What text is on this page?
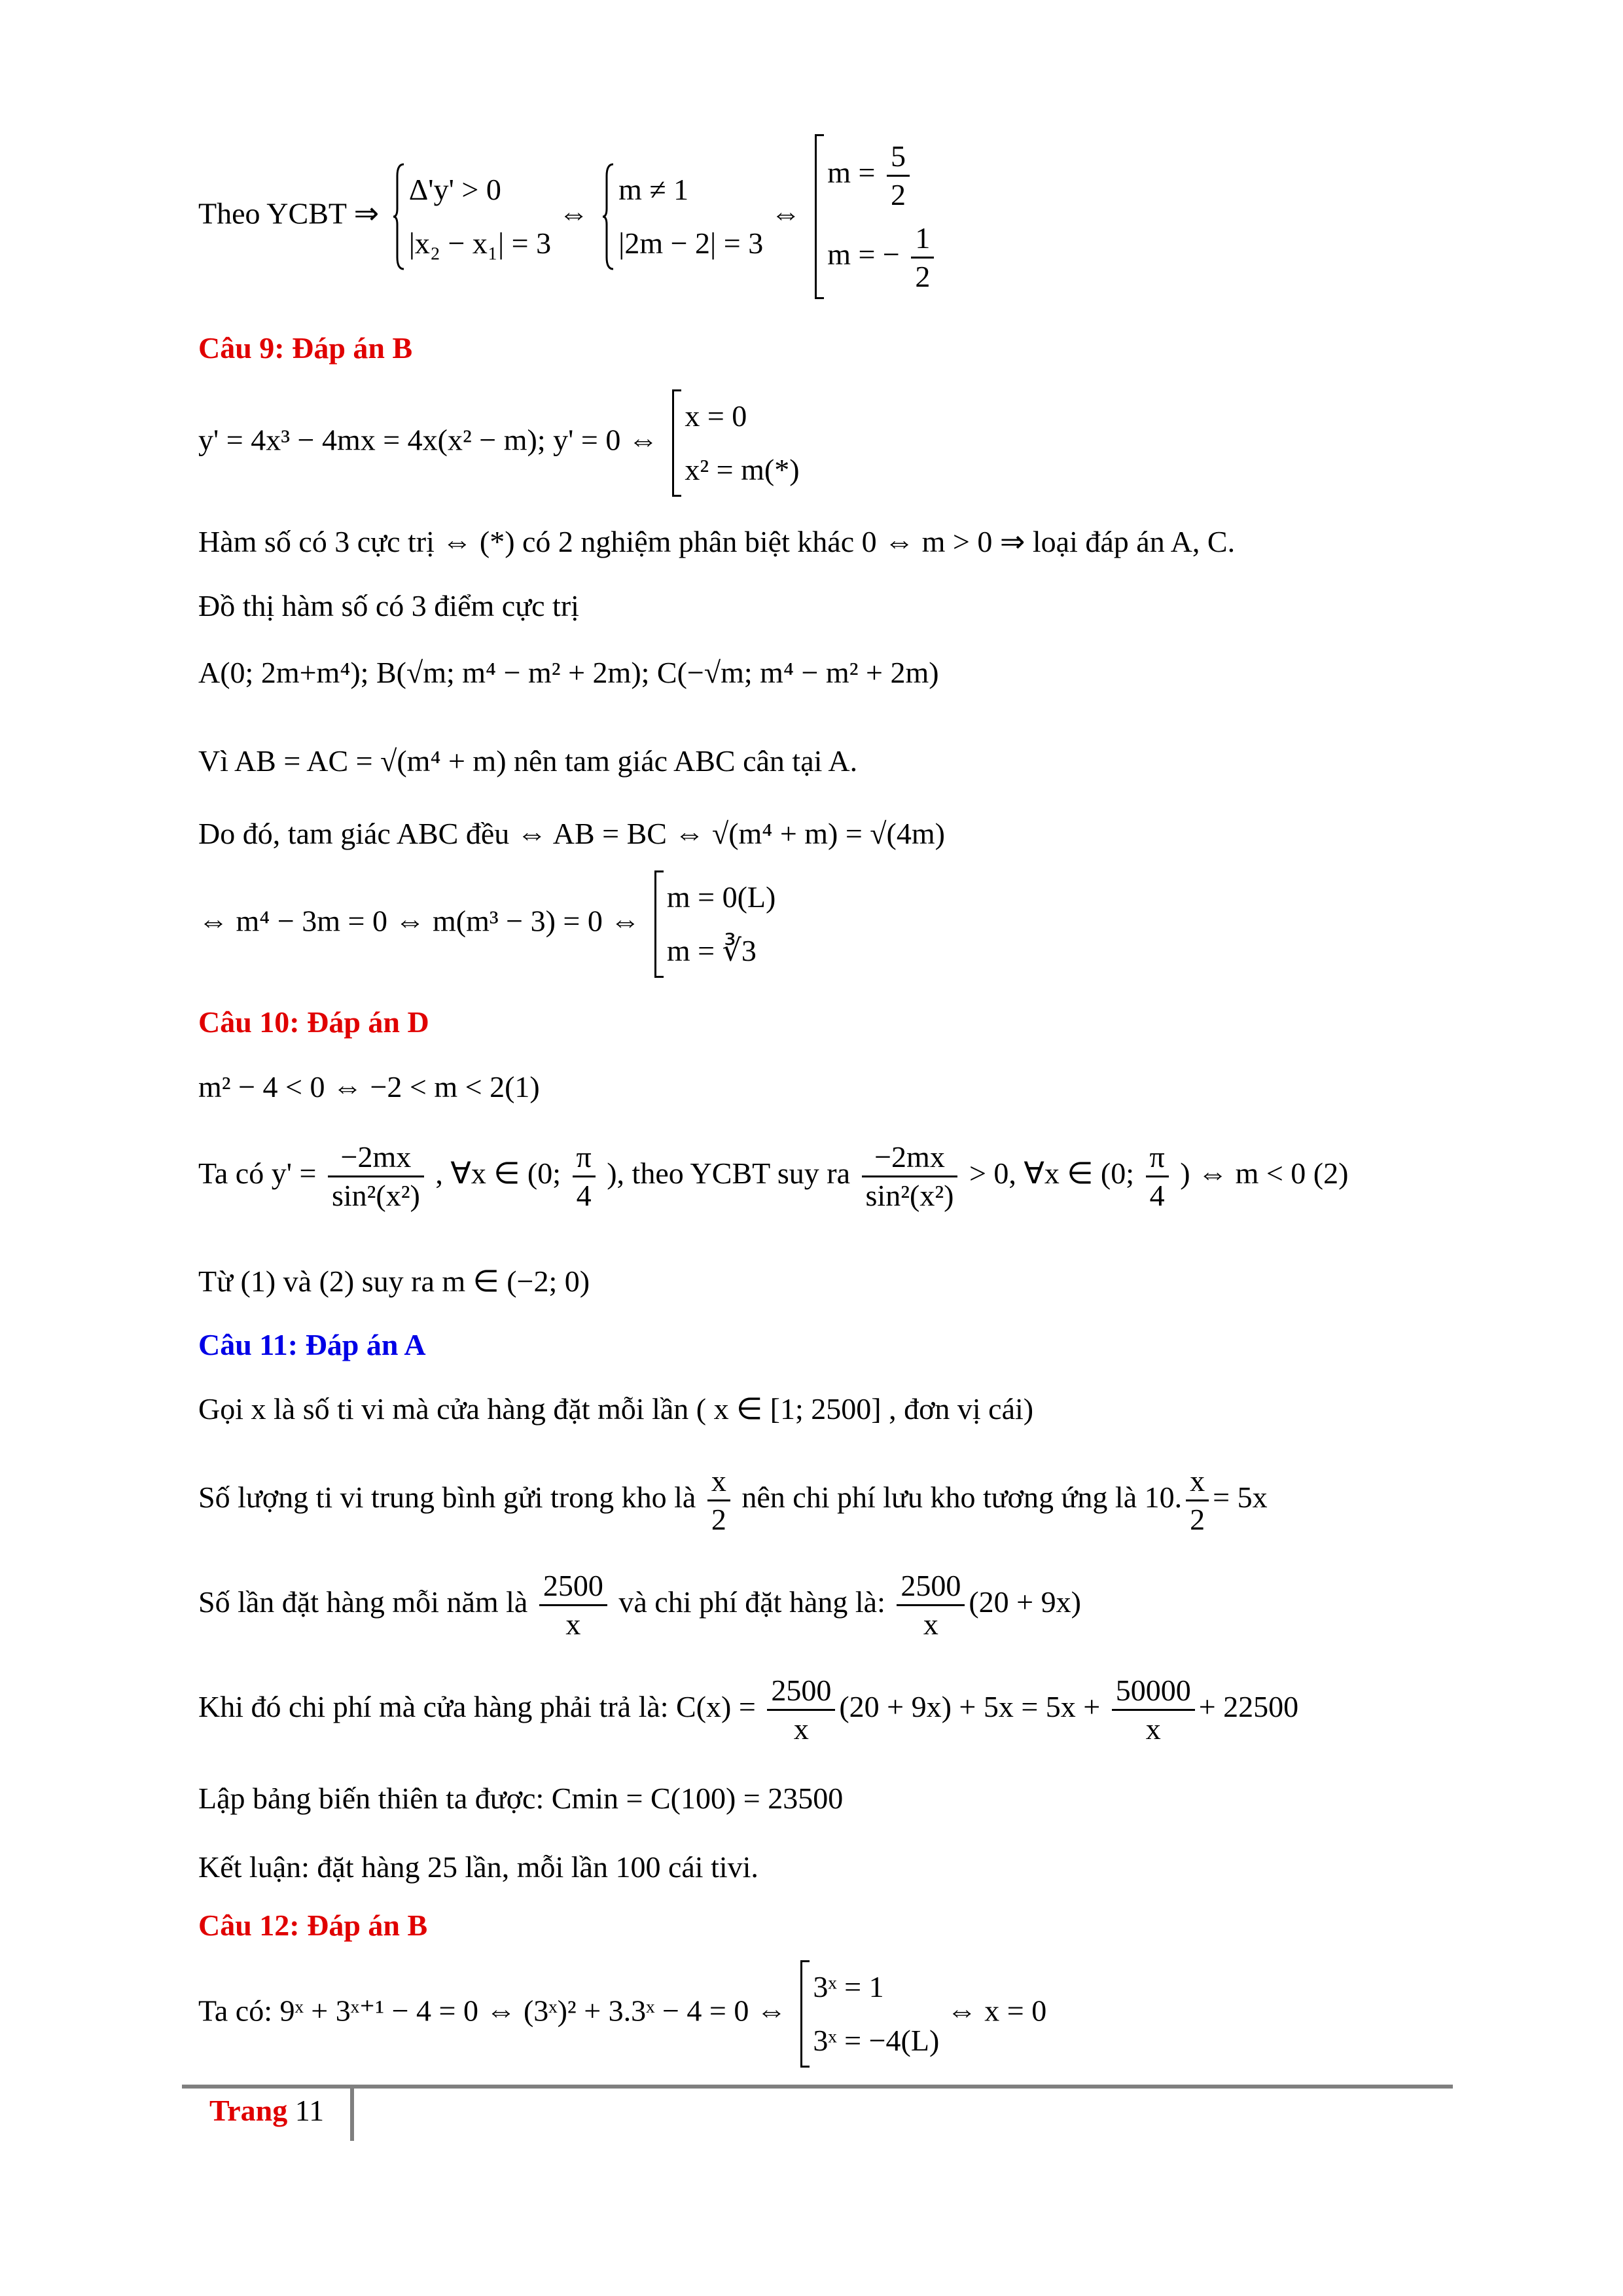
Theo YCBT ⇒
Δ'y' > 0
|x₂ − x₁| = 3
⇔
m ≠ 1
|2m − 2| = 3
⇔
$m = \frac{5}{2}$
m = − $\frac{1}{2}$
Câu 9: Đáp án B
y' = 4x³ − 4mx = 4x(x² − m); y' = 0 ⇔
x = 0
x² = m(*)
Hàm số có 3 cực trị ⇔ (*) có 2 nghiệm phân biệt khác 0 ⇔ m > 0 ⇒ loại đáp án A, C.
Đồ thị hàm số có 3 điểm cực trị
A(0; 2m+m⁴); B(√m; m⁴ − m² + 2m); C(−√m; m⁴ − m² + 2m)
Vì AB = AC = √(m⁴ + m) nên tam giác ABC cân tại A.
Do đó, tam giác ABC đều ⇔ AB = BC ⇔ √(m⁴ + m) = √(4m)
⇔ m⁴ − 3m = 0 ⇔ m(m³ − 3) = 0 ⇔
m = 0(L)
m = ∛3
Câu 10: Đáp án D
m² − 4 < 0 ⇔ −2 < m < 2(1)
Ta có $y' = \frac{-2mx}{\text{sin²(x²)}}$ , ∀x ∈ (0; $\frac{\pi}{4}$ ), theo YCBT suy ra $\frac{-2mx}{\text{sin²(x²)}} > 0$, ∀x ∈ (0; $\frac{\pi}{4}$ ) ⇔ m < 0 (2)
Từ (1) và (2) suy ra m ∈ (−2; 0)
Câu 11: Đáp án A
Gọi x là số ti vi mà cửa hàng đặt mỗi lần ( x ∈ [1; 2500] , đơn vị cái)
Số lượng ti vi trung bình gửi trong kho là $\frac{x}{2}$ nên chi phí lưu kho tương ứng là 10. $\frac{x}{2} = 5x$
Số lần đặt hàng mỗi năm là $\frac{2500}{x}$ và chi phí đặt hàng là: $\frac{2500}{x} (20 + 9x)$
Khi đó chi phí mà cửa hàng phải trả là: $C(x) = \frac{2500}{x} (20 + 9x) + 5x = 5x + \frac{50000}{x} + 22500$
Lập bảng biến thiên ta được: Cmin = C(100) = 23500
Kết luận: đặt hàng 25 lần, mỗi lần 100 cái tivi.
Câu 12: Đáp án B
Ta có: 9ˣ + 3ˣ⁺¹ − 4 = 0 ⇔ (3ˣ)² + 3.3ˣ − 4 = 0 ⇔
3ˣ = 1
3ˣ = −4(L)
⇔ x = 0
Trang 11
